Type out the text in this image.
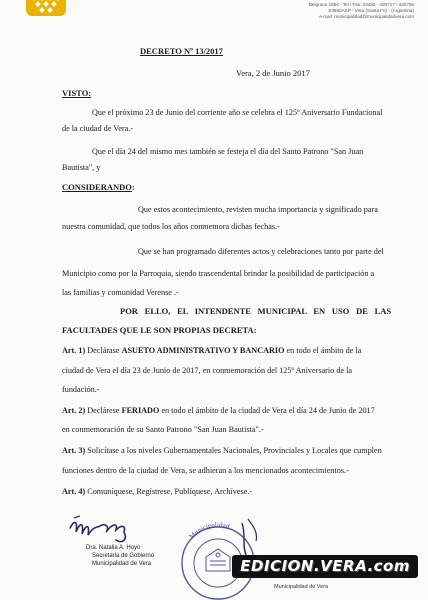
Belgrano 1654 - Tel / Fax: 03483 - 420717 / 420796
S3550ASP - Vera (Santa Fe) - (Argentina)
e-mail: municipalidad@municipalidadvera.com
DECRETO Nº 13/2017
Vera, 2 de Junio 2017
VISTO:
Que el próximo 23 de Junio del corriente año se celebra el 125º Aniversario Fundacional
de la ciudad de Vera.-
Que el día 24 del mismo mes también se festeja el día del Santo Patrono "San Juan
Bautista", y
CONSIDERANDO:
Que estos acontecimiento, revisten mucha importancia y significado para
nuestra comunidad, que todos los años conmemora dichas fechas.-
Que se han programado diferentes actos y celebraciones tanto por parte del
Municipio como por la Parroquia, siendo trascendental brindar la posibilidad de participación a
las familias y comunidad Verense .-
POR ELLO, EL INTENDENTE MUNICIPAL EN USO DE LAS
FACULTADES QUE LE SON PROPIAS DECRETA:
Art. 1) Declárase ASUETO ADMINISTRATIVO Y BANCARIO en todo el ámbito de la
ciudad de Vera el día 23 de Junio de 2017, en conmemoración del 125º Aniversario de la
fundación.-
Art. 2) Declárese FERIADO en todo el ámbito de la ciudad de Vera el día 24 de Junio de 2017
en conmemoración de su Santo Patrono "San Juan Bautista".-
Art. 3) Solicítase a los niveles Gubernamentales Nacionales, Provinciales y Locales que cumplen
funciones dentro de la ciudad de Vera, se adhieran a los mencionados acontecimientos.-
Art. 4) Comuníquese, Regístrese, Publíquese, Archívese.-
Dra. Natalia A. Hoyo
Secretaria de Gobierno
Municipalidad de Vera
Municipalidad
EDICION.VERA.com
Municipalidad de Vera
